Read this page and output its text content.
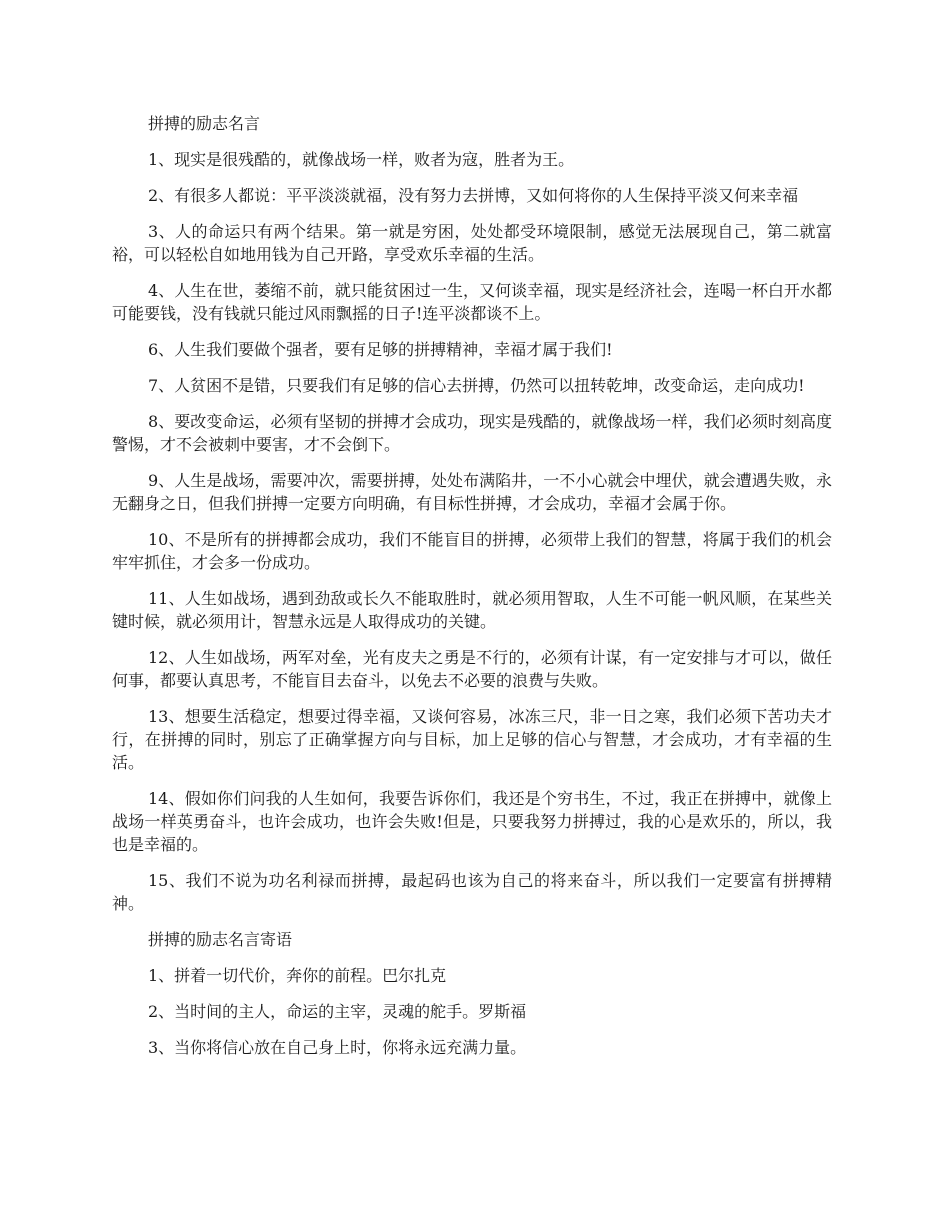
拼搏的励志名言

1、现实是很残酷的，就像战场一样，败者为寇，胜者为王。

2、有很多人都说：平平淡淡就福，没有努力去拼博，又如何将你的人生保持平淡又何来幸福

3、人的命运只有两个结果。第一就是穷困，处处都受环境限制，感觉无法展现自己，第二就富裕，可以轻松自如地用钱为自己开路，享受欢乐幸福的生活。

4、人生在世，萎缩不前，就只能贫困过一生，又何谈幸福，现实是经济社会，连喝一杯白开水都可能要钱，没有钱就只能过风雨飘摇的日子!连平淡都谈不上。

6、人生我们要做个强者，要有足够的拼搏精神，幸福才属于我们!

7、人贫困不是错，只要我们有足够的信心去拼搏，仍然可以扭转乾坤，改变命运，走向成功!

8、要改变命运，必须有坚韧的拼搏才会成功，现实是残酷的，就像战场一样，我们必须时刻高度警惕，才不会被刺中要害，才不会倒下。

9、人生是战场，需要冲次，需要拼搏，处处布满陷井，一不小心就会中埋伏，就会遭遇失败，永无翻身之日，但我们拼搏一定要方向明确，有目标性拼搏，才会成功，幸福才会属于你。

10、不是所有的拼搏都会成功，我们不能盲目的拼搏，必须带上我们的智慧，将属于我们的机会牢牢抓住，才会多一份成功。

11、人生如战场，遇到劲敌或长久不能取胜时，就必须用智取，人生不可能一帆风顺，在某些关键时候，就必须用计，智慧永远是人取得成功的关键。

12、人生如战场，两军对垒，光有皮夫之勇是不行的，必须有计谋，有一定安排与才可以，做任何事，都要认真思考，不能盲目去奋斗，以免去不必要的浪费与失败。

13、想要生活稳定，想要过得幸福，又谈何容易，冰冻三尺，非一日之寒，我们必须下苦功夫才行，在拼搏的同时，别忘了正确掌握方向与目标，加上足够的信心与智慧，才会成功，才有幸福的生活。

14、假如你们问我的人生如何，我要告诉你们，我还是个穷书生，不过，我正在拼搏中，就像上战场一样英勇奋斗，也许会成功，也许会失败!但是，只要我努力拼搏过，我的心是欢乐的，所以，我也是幸福的。

15、我们不说为功名利禄而拼搏，最起码也该为自己的将来奋斗，所以我们一定要富有拼搏精神。

拼搏的励志名言寄语

1、拼着一切代价，奔你的前程。巴尔扎克

2、当时间的主人，命运的主宰，灵魂的舵手。罗斯福

3、当你将信心放在自己身上时，你将永远充满力量。
